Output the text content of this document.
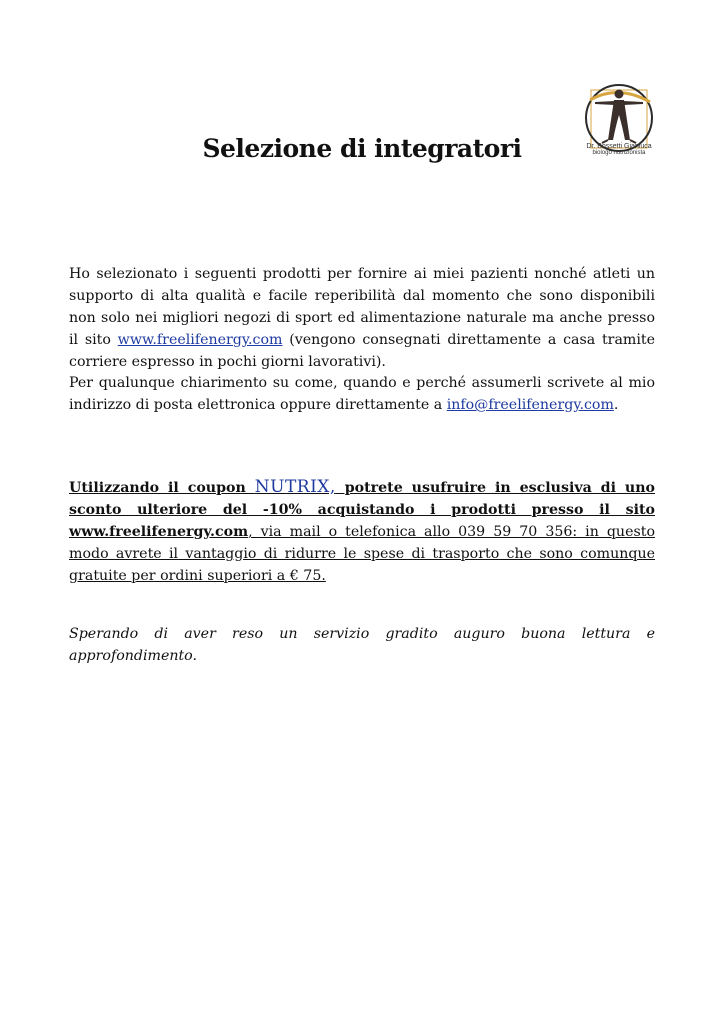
Dr. Bossetti Gianluca
biologo nutrizionista
Selezione di integratori
Ho selezionato i seguenti prodotti per fornire ai miei pazienti nonché atleti un supporto di alta qualità e facile reperibilità dal momento che sono disponibili non solo nei migliori negozi di sport ed alimentazione naturale ma anche presso il sito www.freelifenergy.com (vengono consegnati direttamente a casa tramite corriere espresso in pochi giorni lavorativi).
Per qualunque chiarimento su come, quando e perché assumerli scrivete al mio indirizzo di posta elettronica oppure direttamente a info@freelifenergy.com.
Utilizzando il coupon NUTRIX, potrete usufruire in esclusiva di uno sconto ulteriore del -10% acquistando i prodotti presso il sito www.freelifenergy.com, via mail o telefonica allo 039 59 70 356: in questo modo avrete il vantaggio di ridurre le spese di trasporto che sono comunque gratuite per ordini superiori a € 75.
Sperando di aver reso un servizio gradito auguro buona lettura e approfondimento.
